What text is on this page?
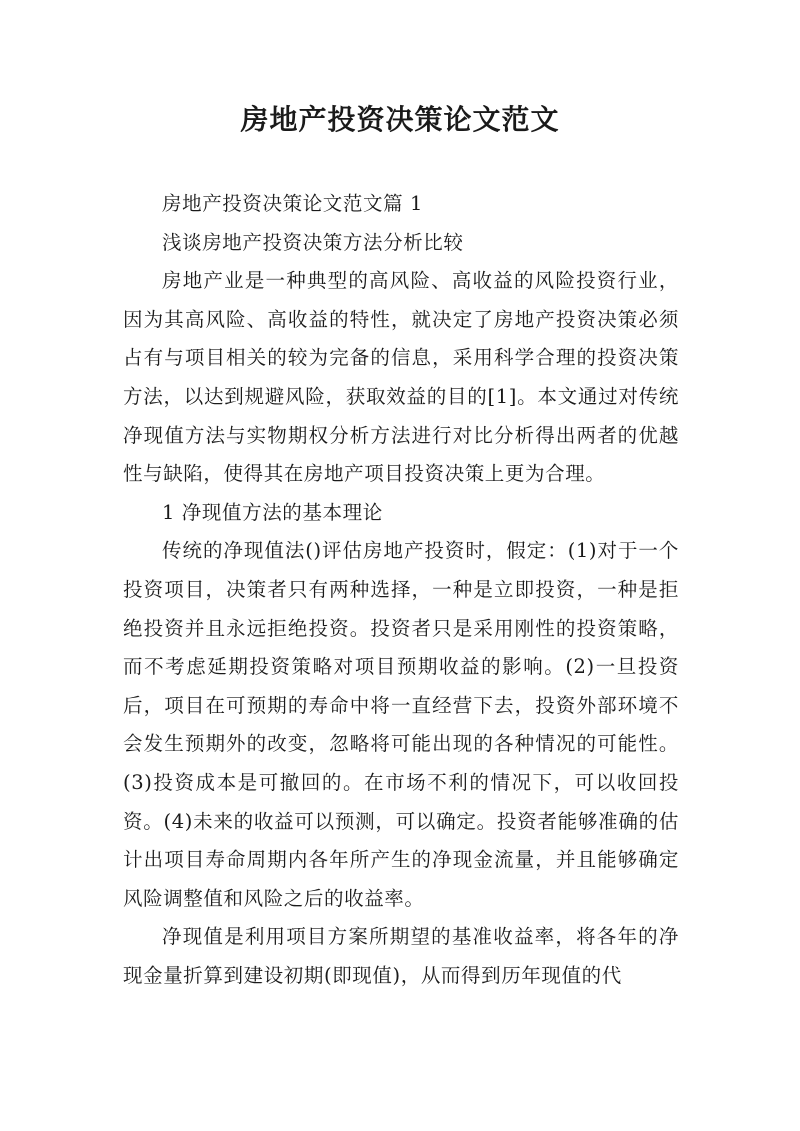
房地产投资决策论文范文

房地产投资决策论文范文篇 1

浅谈房地产投资决策方法分析比较

房地产业是一种典型的高风险、高收益的风险投资行业，因为其高风险、高收益的特性，就决定了房地产投资决策必须占有与项目相关的较为完备的信息，采用科学合理的投资决策方法，以达到规避风险，获取效益的目的[1]。本文通过对传统净现值方法与实物期权分析方法进行对比分析得出两者的优越性与缺陷，使得其在房地产项目投资决策上更为合理。

1 净现值方法的基本理论

传统的净现值法()评估房地产投资时，假定：(1)对于一个投资项目，决策者只有两种选择，一种是立即投资，一种是拒绝投资并且永远拒绝投资。投资者只是采用刚性的投资策略，而不考虑延期投资策略对项目预期收益的影响。(2)一旦投资后，项目在可预期的寿命中将一直经营下去，投资外部环境不会发生预期外的改变，忽略将可能出现的各种情况的可能性。(3)投资成本是可撤回的。在市场不利的情况下，可以收回投资。(4)未来的收益可以预测，可以确定。投资者能够准确的估计出项目寿命周期内各年所产生的净现金流量，并且能够确定风险调整值和风险之后的收益率。

净现值是利用项目方案所期望的基准收益率，将各年的净现金量折算到建设初期(即现值)，从而得到历年现值的代
